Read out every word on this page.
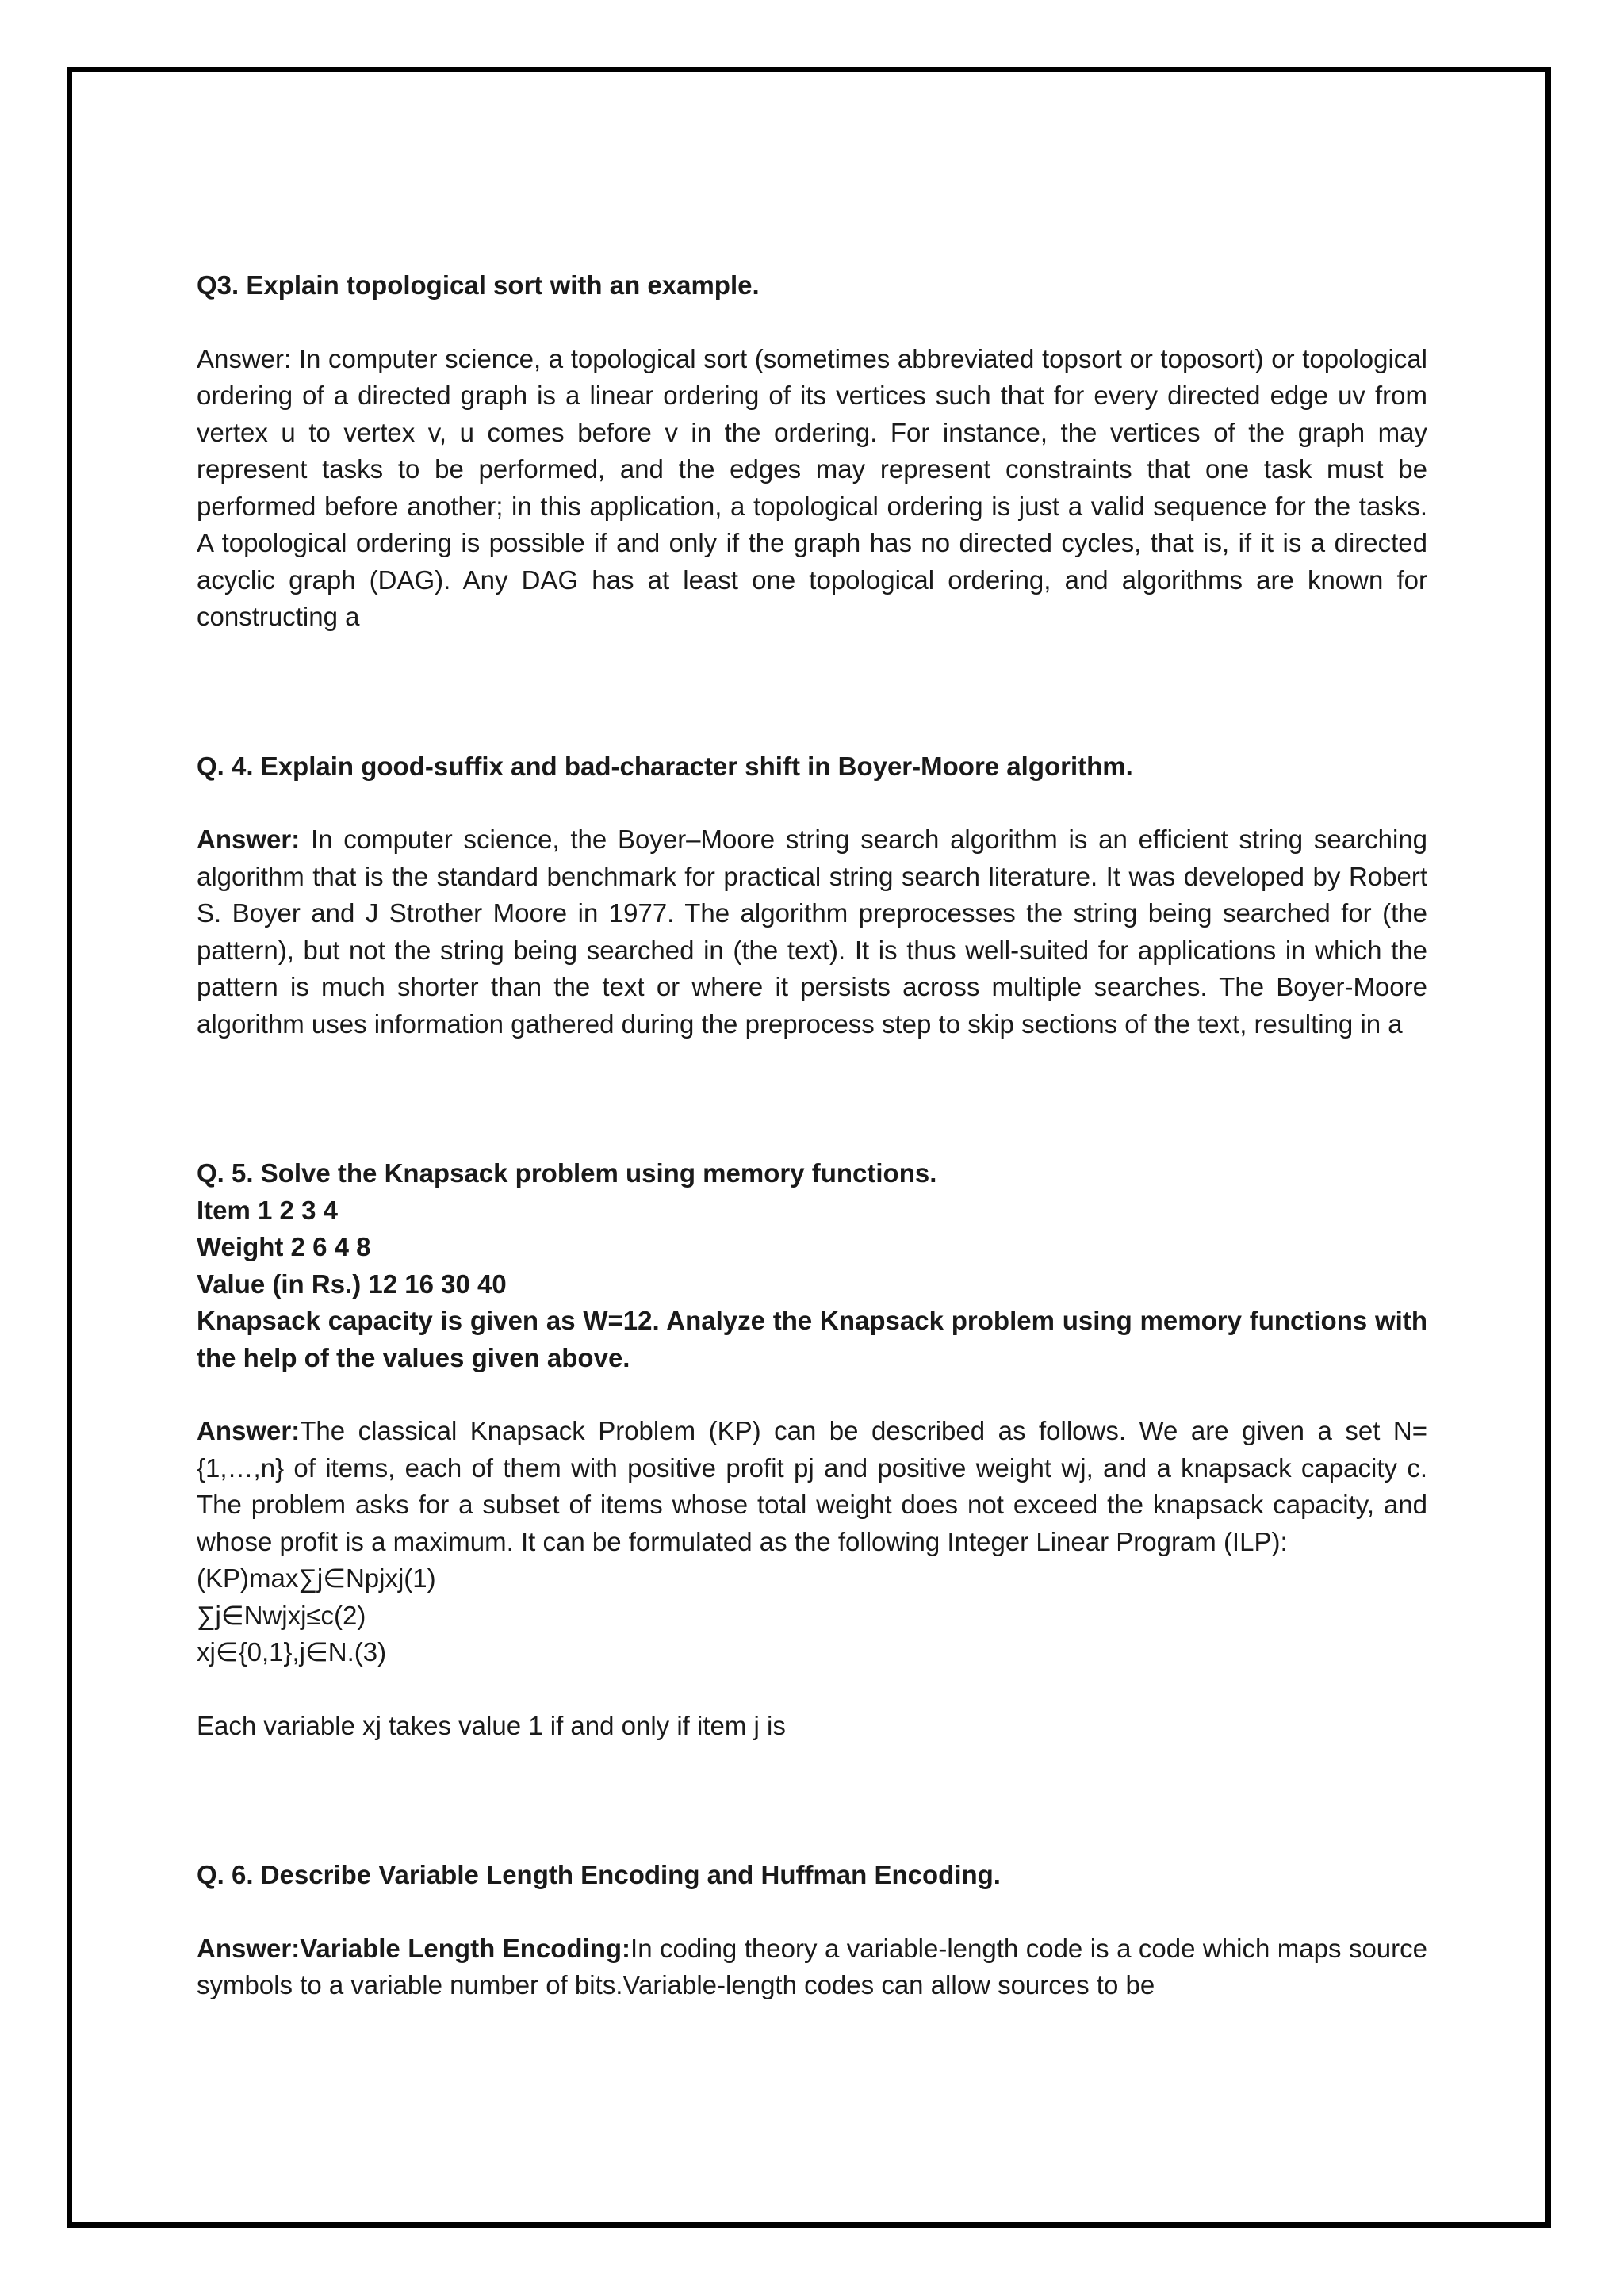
Q3. Explain topological sort with an example.

Answer: In computer science, a topological sort (sometimes abbreviated topsort or toposort) or topological ordering of a directed graph is a linear ordering of its vertices such that for every directed edge uv from vertex u to vertex v, u comes before v in the ordering. For instance, the vertices of the graph may represent tasks to be performed, and the edges may represent constraints that one task must be performed before another; in this application, a topological ordering is just a valid sequence for the tasks. A topological ordering is possible if and only if the graph has no directed cycles, that is, if it is a directed acyclic graph (DAG). Any DAG has at least one topological ordering, and algorithms are known for constructing a

Q. 4. Explain good-suffix and bad-character shift in Boyer-Moore algorithm.

Answer: In computer science, the Boyer–Moore string search algorithm is an efficient string searching algorithm that is the standard benchmark for practical string search literature. It was developed by Robert S. Boyer and J Strother Moore in 1977. The algorithm preprocesses the string being searched for (the pattern), but not the string being searched in (the text). It is thus well-suited for applications in which the pattern is much shorter than the text or where it persists across multiple searches. The Boyer-Moore algorithm uses information gathered during the preprocess step to skip sections of the text, resulting in a

Q. 5. Solve the Knapsack problem using memory functions.

Item 1 2 3 4

Weight 2 6 4 8

Value (in Rs.) 12 16 30 40

Knapsack capacity is given as W=12. Analyze the Knapsack problem using memory functions with the help of the values given above.

Answer:The classical Knapsack Problem (KP) can be described as follows. We are given a set N={1,…,n} of items, each of them with positive profit pj and positive weight wj, and a knapsack capacity c. The problem asks for a subset of items whose total weight does not exceed the knapsack capacity, and whose profit is a maximum. It can be formulated as the following Integer Linear Program (ILP):

(KP)max∑j∈Npjxj(1)

∑j∈Nwjxj≤c(2)

xj∈{0,1},j∈N.(3)

Each variable xj takes value 1 if and only if item j is

Q. 6. Describe Variable Length Encoding and Huffman Encoding.

Answer:Variable Length Encoding:In coding theory a variable-length code is a code which maps source symbols to a variable number of bits.Variable-length codes can allow sources to be
